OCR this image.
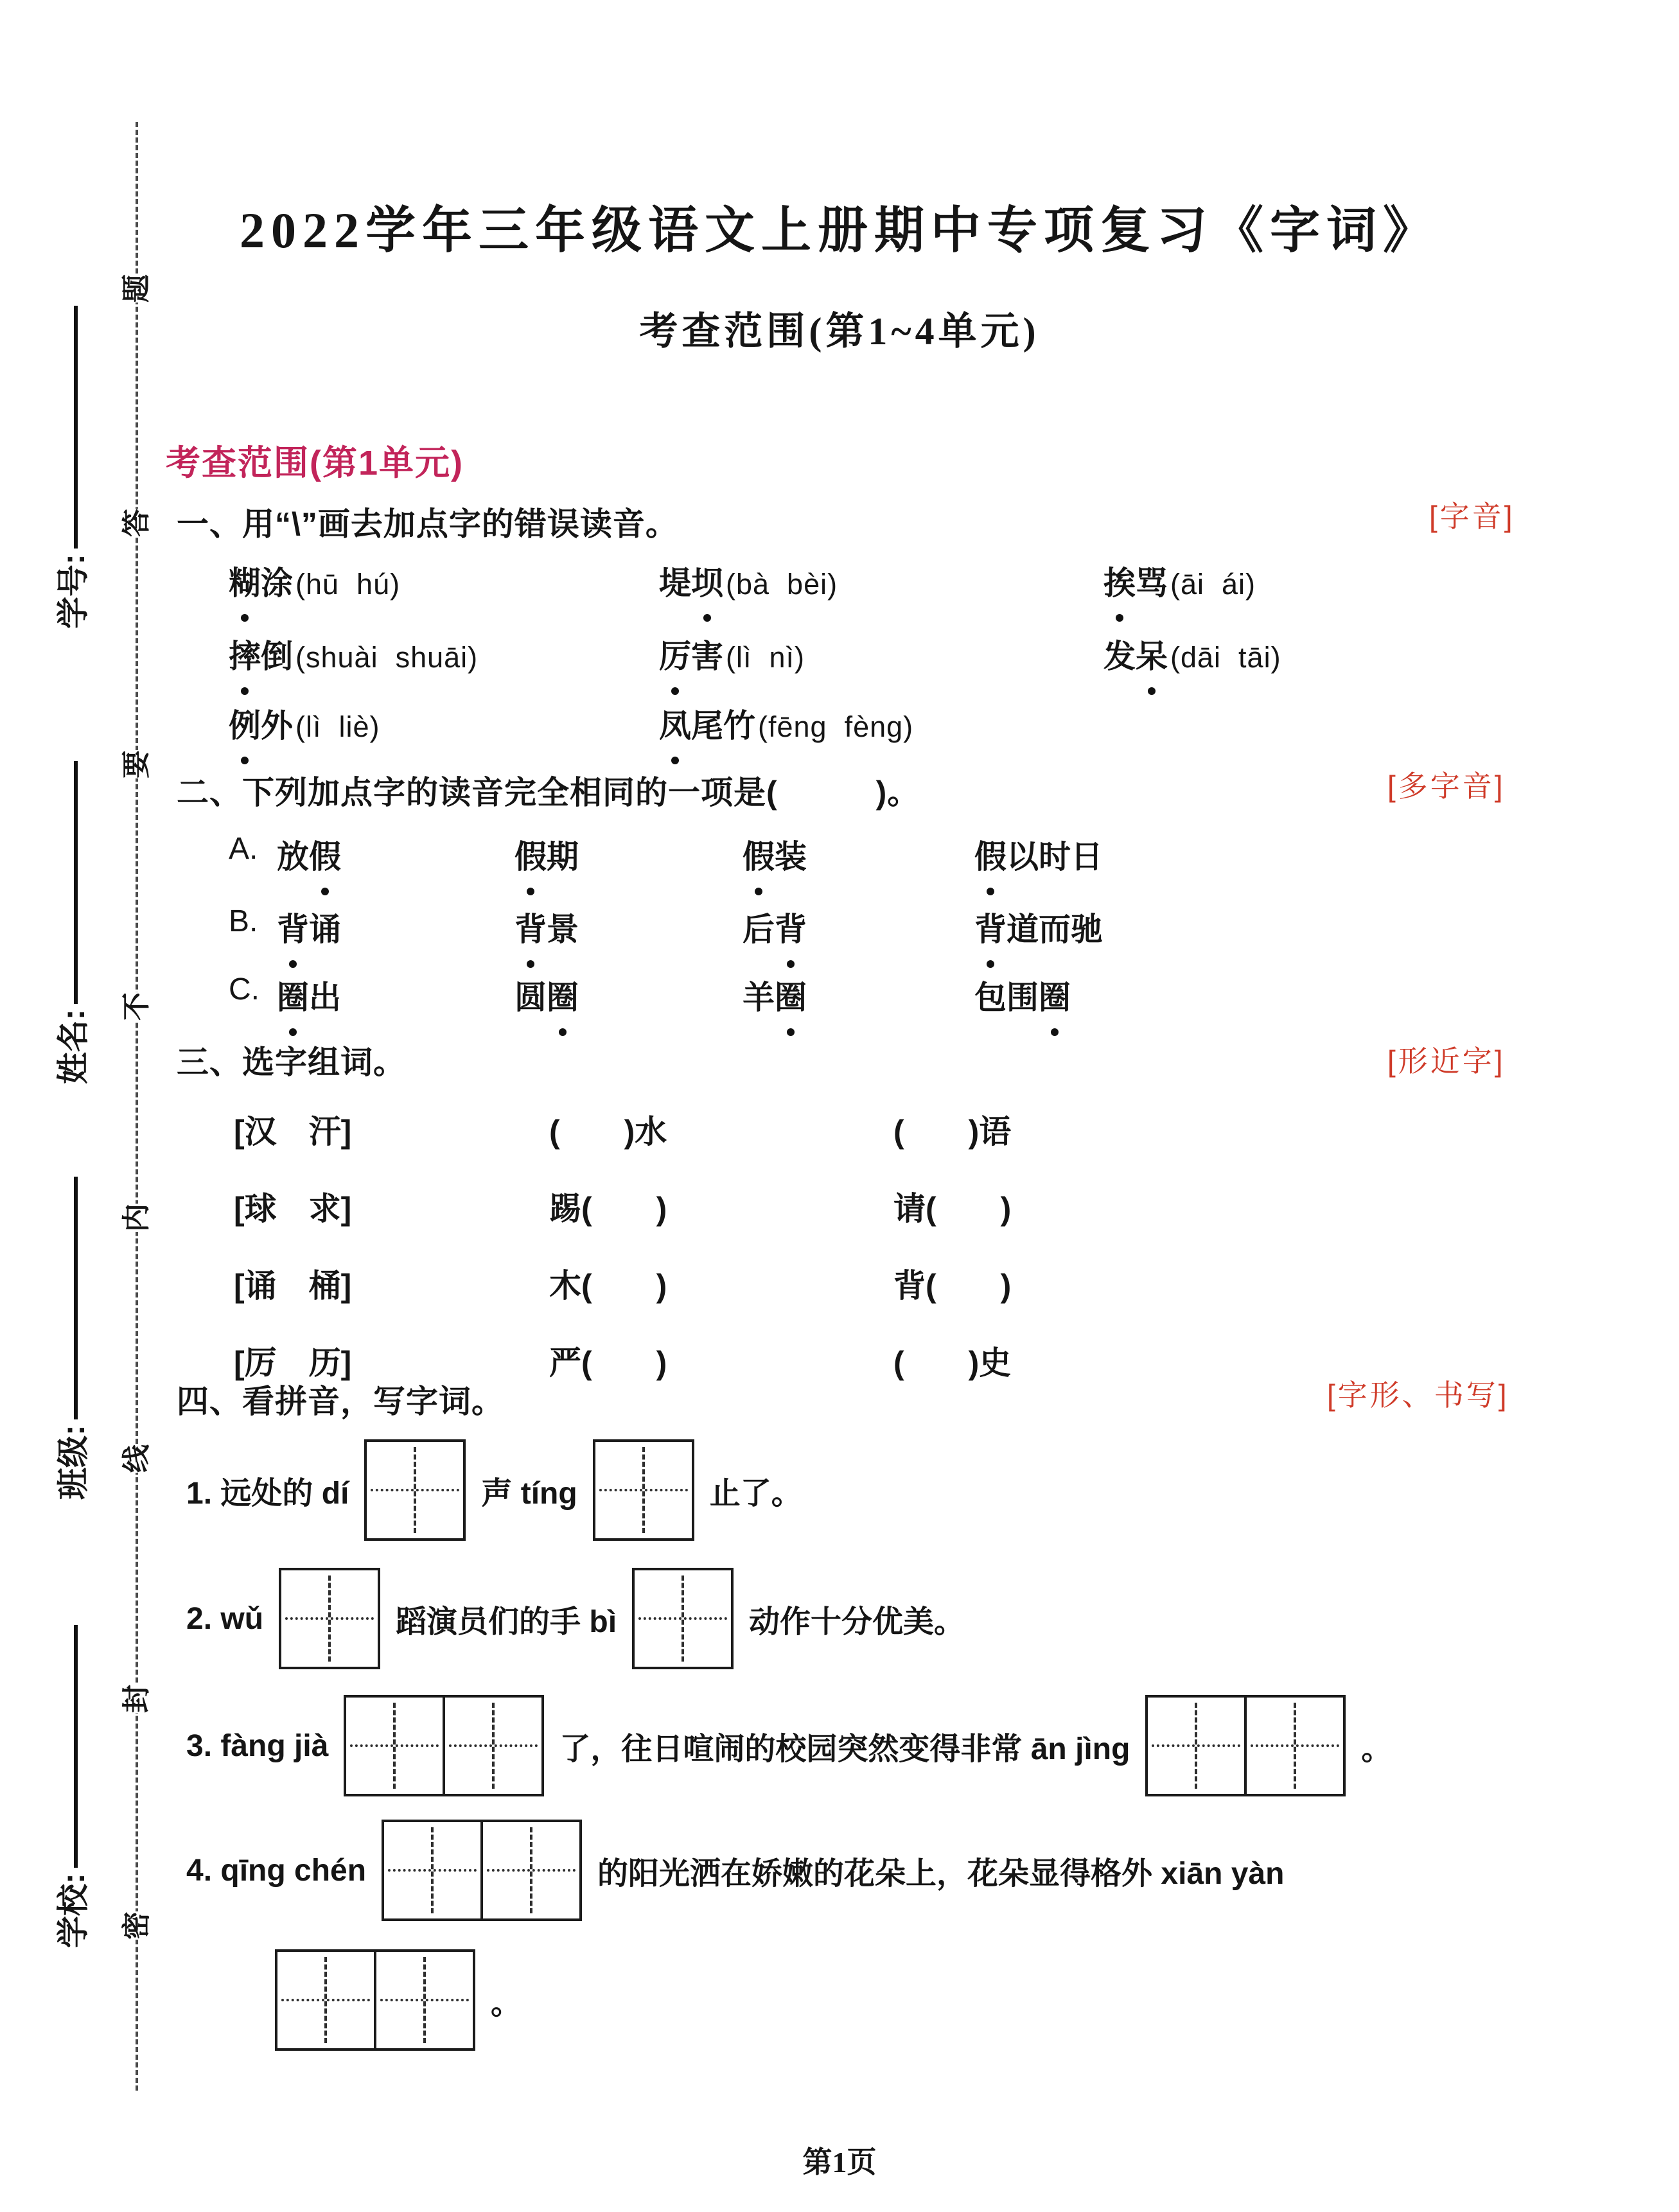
题
答
要
不
内
线
封
密
学号:
姓名:
班级:
学校:
2022学年三年级语文上册期中专项复习《字词》
考查范围(第1~4单元)
考查范围(第1单元)
一、用“\”画去加点字的错误读音。	[字音]
糊 涂 (hū  hú)	堤 坝 (bà  bèi)	挨 骂 (āi  ái)
摔 倒 (shuài  shuāi)	厉 害 (lì  nì)	发 呆 (dāi  tāi)
例 外 (lì  liè)	凤 尾 竹 (fēng  fèng)
二、下列加点字的读音完全相同的一项是(　　　)。	[多字音]
A. 放 假	假 期	假 装	假 以 时 日
B. 背 诵	背 景	后 背	背 道 而 驰
C. 圈 出	圆 圈	羊 圈	包 围 圈
三、选字组词。	[形近字]
[汉　汗]	(　　)水	(　　)语
[球　求]	踢(　　)	请(　　)
[诵　桶]	木(　　)	背(　　)
[厉　历]	严(　　)	(　　)史
四、看拼音，写字词。	[字形、书写]
1. 远处的 dí	声 tíng	止了。
2. wǔ	蹈演员们的手 bì	动作十分优美。
3. fàng jià	了，往日喧闹的校园突然变得非常 ān jìng	。
4. qīng chén	的阳光洒在娇嫩的花朵上，花朵显得格外 xiān yàn
。
第1页
